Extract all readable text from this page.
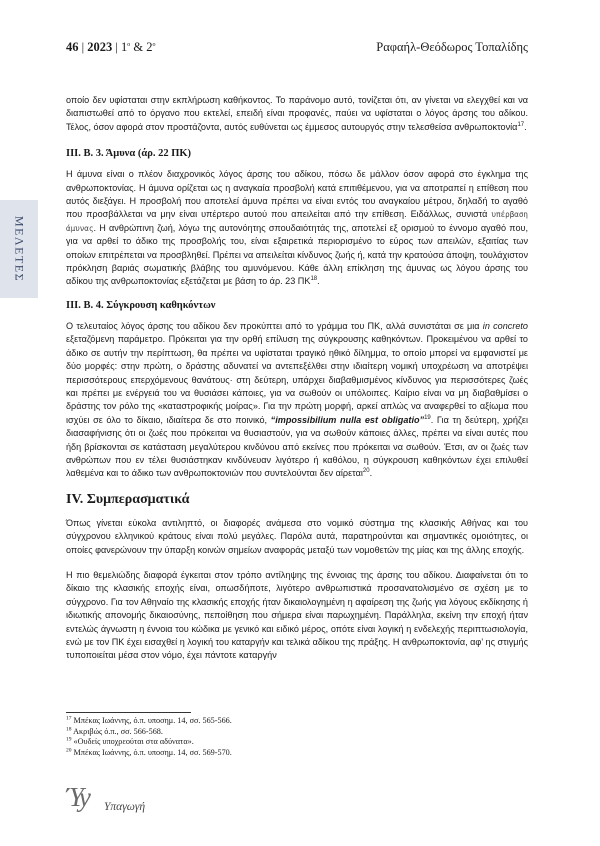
46 | 2023 | $1^o$ & $2^o$	Ραφαήλ-Θεόδωρος Τοπαλίδης
ΜΕΛΕΤΕΣ

οποίο δεν υφίσταται στην εκπλήρωση καθήκοντος. Το παράνομο αυτό, τονίζεται ότι, αν γίνεται να ελεγχθεί και να διαπιστωθεί από το όργανο που εκτελεί, επειδή είναι προφανές, παύει να υφίσταται ο λόγος άρσης του αδίκου. Τέλος, όσον αφορά στον προστάζοντα, αυτός ευθύνεται ως έμμεσος αυτουργός στην τελεσθείσα ανθρωποκτονία$^{17}$.

ΙΙΙ. Β. 3. Άμυνα (άρ. 22 ΠΚ)

Η άμυνα είναι ο πλέον διαχρονικός λόγος άρσης του αδίκου, πόσω δε μάλλον όσον αφορά στο έγκλημα της ανθρωποκτονίας. Η άμυνα ορίζεται ως η αναγκαία προσβολή κατά επιτιθέμενου, για να αποτραπεί η επίθεση που αυτός διεξάγει. Η προσβολή που αποτελεί άμυνα πρέπει να είναι εντός του αναγκαίου μέτρου, δηλαδή το αγαθό που προσβάλλεται να μην είναι υπέρτερο αυτού που απειλείται από την επίθεση. Ειδάλλως, συνιστά υπέρβαση άμυνας. Η ανθρώπινη ζωή, λόγω της αυτονόητης σπουδαιότητάς της, αποτελεί εξ ορισμού το έννομο αγαθό που, για να αρθεί το άδικο της προσβολής του, είναι εξαιρετικά περιορισμένο το εύρος των απειλών, εξαιτίας των οποίων επιτρέπεται να προσβληθεί. Πρέπει να απειλείται κίνδυνος ζωής ή, κατά την κρατούσα άποψη, τουλάχιστον πρόκληση βαριάς σωματικής βλάβης του αμυνόμενου. Κάθε άλλη επίκληση της άμυνας ως λόγου άρσης του αδίκου της ανθρωποκτονίας εξετάζεται με βάση το άρ. 23 ΠΚ$^{18}$.

ΙΙΙ. Β. 4. Σύγκρουση καθηκόντων

Ο τελευταίος λόγος άρσης του αδίκου δεν προκύπτει από το γράμμα του ΠΚ, αλλά συνιστάται σε μια in concreto εξεταζόμενη παράμετρο. Πρόκειται για την ορθή επίλυση της σύγκρουσης καθηκόντων. Προκειμένου να αρθεί το άδικο σε αυτήν την περίπτωση, θα πρέπει να υφίσταται τραγικό ηθικό δίλημμα, το οποίο μπορεί να εμφανιστεί με δύο μορφές: στην πρώτη, ο δράστης αδυνατεί να αντεπεξέλθει στην ιδιαίτερη νομική υποχρέωση να αποτρέψει περισσότερους επερχόμενους θανάτους· στη δεύτερη, υπάρχει διαβαθμισμένος κίνδυνος για περισσότερες ζωές και πρέπει με ενέργειά του να θυσιάσει κάποιες, για να σωθούν οι υπόλοιπες. Καίριο είναι να μη διαβαθμίσει ο δράστης τον ρόλο της «καταστροφικής μοίρας». Για την πρώτη μορφή, αρκεί απλώς να αναφερθεί το αξίωμα που ισχύει σε όλο το δίκαιο, ιδιαίτερα δε στο ποινικό, “impossibilium nulla est obligatio”$^{19}$. Για τη δεύτερη, χρήζει διασαφήνισης ότι οι ζωές που πρόκειται να θυσιαστούν, για να σωθούν κάποιες άλλες, πρέπει να είναι αυτές που ήδη βρίσκονται σε κατάσταση μεγαλύτερου κινδύνου από εκείνες που πρόκειται να σωθούν. Έτσι, αν οι ζωές των ανθρώπων που εν τέλει θυσιάστηκαν κινδύνευαν λιγότερο ή καθόλου, η σύγκρουση καθηκόντων έχει επιλυθεί λαθεμένα και το άδικο των ανθρωποκτονιών που συντελούνται δεν αίρεται$^{20}$.

IV. Συμπερασματικά

Όπως γίνεται εύκολα αντιληπτό, οι διαφορές ανάμεσα στο νομικό σύστημα της κλασικής Αθήνας και του σύγχρονου ελληνικού κράτους είναι πολύ μεγάλες. Παρόλα αυτά, παρατηρούνται και σημαντικές ομοιότητες, οι οποίες φανερώνουν την ύπαρξη κοινών σημείων αναφοράς μεταξύ των νομοθετών της μίας και της άλλης εποχής.

Η πιο θεμελιώδης διαφορά έγκειται στον τρόπο αντίληψης της έννοιας της άρσης του αδίκου. Διαφαίνεται ότι το δίκαιο της κλασικής εποχής είναι, οπωσδήποτε, λιγότερο ανθρωπιστικά προσανατολισμένο σε σχέση με το σύγχρονο. Για τον Αθηναίο της κλασικής εποχής ήταν δικαιολογημένη η αφαίρεση της ζωής για λόγους εκδίκησης ή ιδιωτικής απονομής δικαιοσύνης, πεποίθηση που σήμερα είναι παρωχημένη. Παράλληλα, εκείνη την εποχή ήταν εντελώς άγνωστη η έννοια του κώδικα με γενικό και ειδικό μέρος, οπότε είναι λογική η ενδελεχής περιπτωσιολογία, ενώ με τον ΠΚ έχει εισαχθεί η λογική του καταργήν και τελικά αδίκου της πράξης. Η ανθρωποκτονία, αφ’ ης στιγμής τυποποιείται μέσα στον νόμο, έχει πάντοτε καταργήν

$^{17}$ Μπέκας Ιωάννης, ό.π. υποσημ. 14, σσ. 565-566.
$^{18}$ Ακριβώς ό.π., σσ. 566-568.
$^{19}$ «Ουδείς υποχρεούται στα αδύνατα».
$^{20}$ Μπέκας Ιωάννης, ό.π. υποσημ. 14, σσ. 569-570.
Ύy Υπαγωγή
